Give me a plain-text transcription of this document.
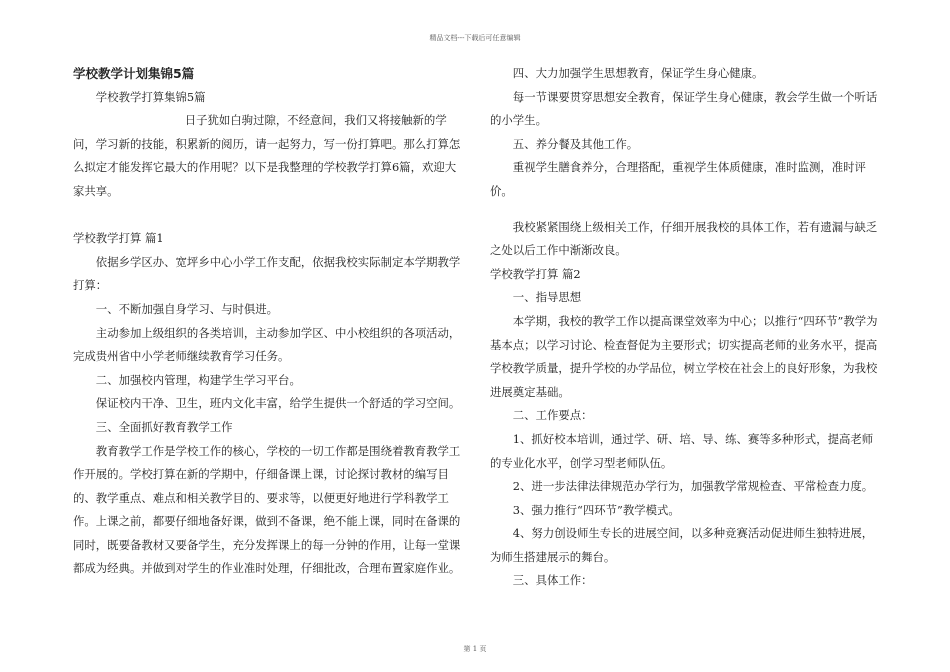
精品文档---下载后可任意编辑

学校教学计划集锦5篇

学校教学打算集锦5篇

日子犹如白驹过隙，不经意间，我们又将接触新的学问，学习新的技能，积累新的阅历，请一起努力，写一份打算吧。那么打算怎么拟定才能发挥它最大的作用呢？以下是我整理的学校教学打算6篇，欢迎大家共享。

学校教学打算 篇1

依据乡学区办、宽坪乡中心小学工作支配，依据我校实际制定本学期教学打算：

一、不断加强自身学习、与时俱进。

主动参加上级组织的各类培训，主动参加学区、中小校组织的各项活动，完成贵州省中小学老师继续教育学习任务。

二、加强校内管理，构建学生学习平台。

保证校内干净、卫生，班内文化丰富，给学生提供一个舒适的学习空间。

三、全面抓好教育教学工作

教育教学工作是学校工作的核心，学校的一切工作都是围绕着教育教学工作开展的。学校打算在新的学期中，仔细备课上课，讨论探讨教材的编写目的、教学重点、难点和相关教学目的、要求等，以便更好地进行学科教学工作。上课之前，都要仔细地备好课，做到不备课，绝不能上课，同时在备课的同时，既要备教材又要备学生，充分发挥课上的每一分钟的作用，让每一堂课都成为经典。并做到对学生的作业准时处理，仔细批改，合理布置家庭作业。

四、大力加强学生思想教育，保证学生身心健康。

每一节课要贯穿思想安全教育，保证学生身心健康，教会学生做一个听话的小学生。

五、养分餐及其他工作。

重视学生膳食养分，合理搭配，重视学生体质健康，准时监测，准时评价。

我校紧紧围绕上级相关工作，仔细开展我校的具体工作，若有遗漏与缺乏之处以后工作中渐渐改良。

学校教学打算 篇2

一、指导思想

本学期，我校的教学工作以提高课堂效率为中心；以推行“四环节”教学为基本点；以学习讨论、检查督促为主要形式；切实提高老师的业务水平，提高学校教学质量，提升学校的办学品位，树立学校在社会上的良好形象，为我校进展奠定基础。

二、工作要点：

1、抓好校本培训，通过学、研、培、导、练、赛等多种形式，提高老师的专业化水平，创学习型老师队伍。

2、进一步法律法律规范办学行为，加强教学常规检查、平常检查力度。

3、强力推行“四环节”教学模式。

4、努力创设师生专长的进展空间，以多种竞赛活动促进师生独特进展，为师生搭建展示的舞台。

三、具体工作：

第 1 页
